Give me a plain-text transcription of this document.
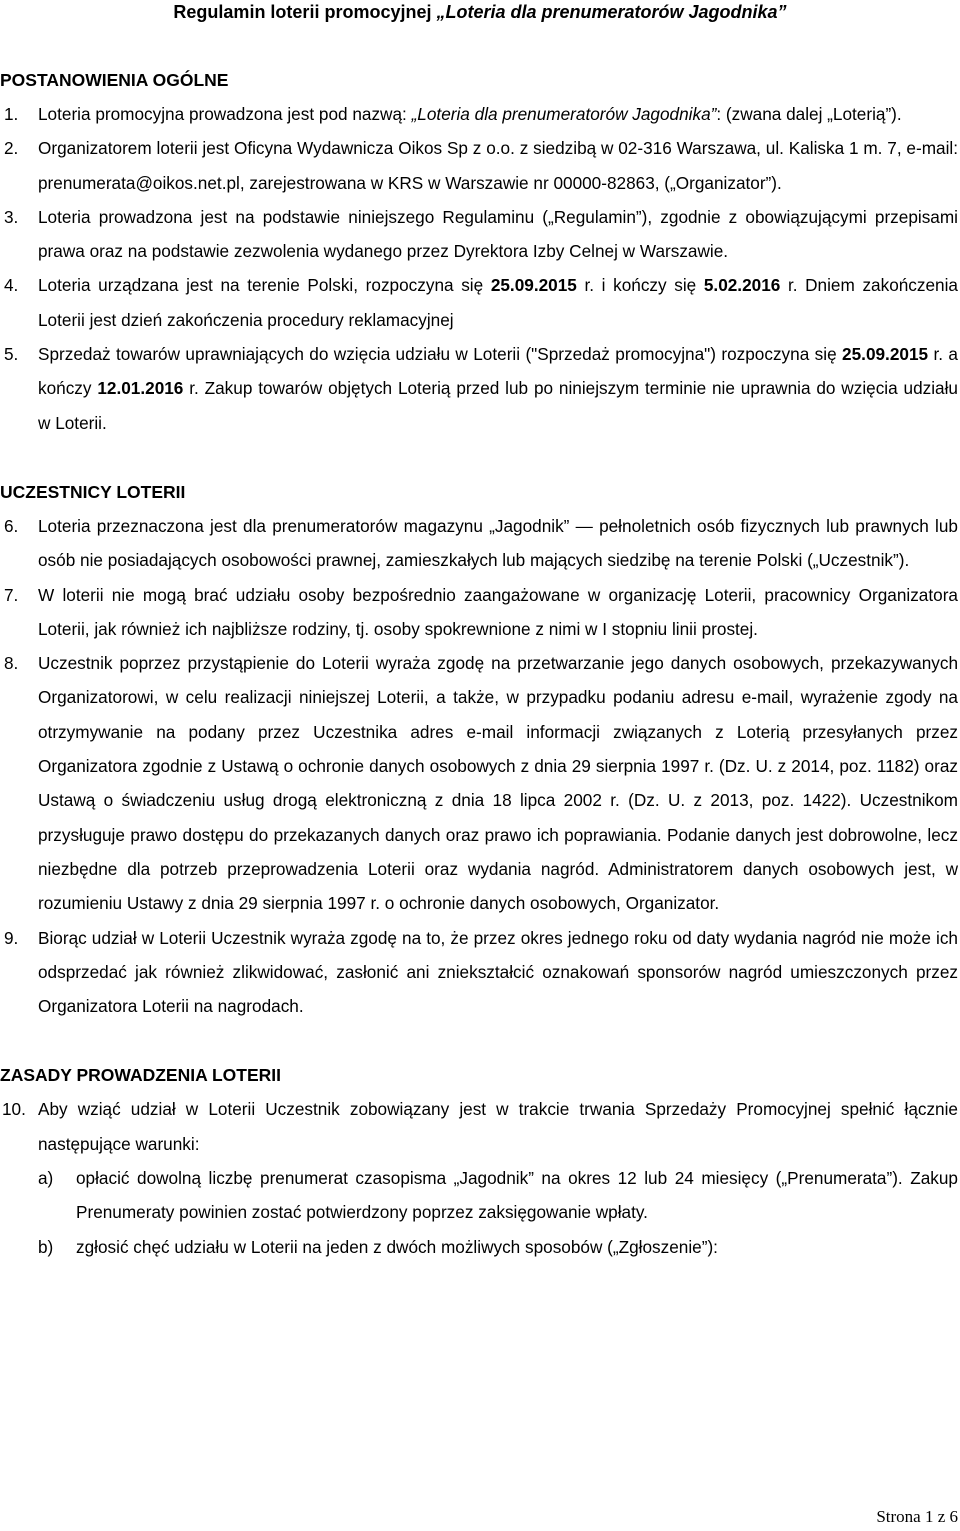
Regulamin loterii promocyjnej „Loteria dla prenumeratorów Jagodnika”
POSTANOWIENIA OGÓLNE
1. Loteria promocyjna prowadzona jest pod nazwą: „Loteria dla prenumeratorów Jagodnika”: (zwana dalej „Loterią”).
2. Organizatorem loterii jest Oficyna Wydawnicza Oikos Sp z o.o. z siedzibą w 02-316 Warszawa, ul. Kaliska 1 m. 7, e-mail: prenumerata@oikos.net.pl, zarejestrowana w KRS w Warszawie nr 00000-82863, („Organizator”).
3. Loteria prowadzona jest na podstawie niniejszego Regulaminu („Regulamin”), zgodnie z obowiązującymi przepisami prawa oraz na podstawie zezwolenia wydanego przez Dyrektora Izby Celnej w Warszawie.
4. Loteria urządzana jest na terenie Polski, rozpoczyna się 25.09.2015 r. i kończy się 5.02.2016 r. Dniem zakończenia Loterii jest dzień zakończenia procedury reklamacyjnej
5. Sprzedaż towarów uprawniających do wzięcia udziału w Loterii ("Sprzedaż promocyjna") rozpoczyna się 25.09.2015 r. a kończy 12.01.2016 r. Zakup towarów objętych Loterią przed lub po niniejszym terminie nie uprawnia do wzięcia udziału w Loterii.
UCZESTNICY LOTERII
6. Loteria przeznaczona jest dla prenumeratorów magazynu „Jagodnik” — pełnoletnich osób fizycznych lub prawnych lub osób nie posiadających osobowości prawnej, zamieszkałych lub mających siedzibę na terenie Polski („Uczestnik”).
7. W loterii nie mogą brać udziału osoby bezpośrednio zaangażowane w organizację Loterii, pracownicy Organizatora Loterii, jak również ich najbliższe rodziny, tj. osoby spokrewnione z nimi w I stopniu linii prostej.
8. Uczestnik poprzez przystąpienie do Loterii wyraża zgodę na przetwarzanie jego danych osobowych, przekazywanych Organizatorowi, w celu realizacji niniejszej Loterii, a także, w przypadku podaniu adresu e-mail, wyrażenie zgody na otrzymywanie na podany przez Uczestnika adres e-mail informacji związanych z Loterią przesyłanych przez Organizatora zgodnie z Ustawą o ochronie danych osobowych z dnia 29 sierpnia 1997 r. (Dz. U. z 2014, poz. 1182) oraz Ustawą o świadczeniu usług drogą elektroniczną z dnia 18 lipca 2002 r. (Dz. U. z 2013, poz. 1422). Uczestnikom przysługuje prawo dostępu do przekazanych danych oraz prawo ich poprawiania. Podanie danych jest dobrowolne, lecz niezbędne dla potrzeb przeprowadzenia Loterii oraz wydania nagród. Administratorem danych osobowych jest, w rozumieniu Ustawy z dnia 29 sierpnia 1997 r. o ochronie danych osobowych, Organizator.
9. Biorąc udział w Loterii Uczestnik wyraża zgodę na to, że przez okres jednego roku od daty wydania nagród nie może ich odsprzedać jak również zlikwidować, zasłonić ani zniekształcić oznakowań sponsorów nagród umieszczonych przez Organizatora Loterii na nagrodach.
ZASADY PROWADZENIA LOTERII
10. Aby wziąć udział w Loterii Uczestnik zobowiązany jest w trakcie trwania Sprzedaży Promocyjnej spełnić łącznie następujące warunki:
a) opłacić dowolną liczbę prenumerat czasopisma „Jagodnik” na okres 12 lub 24 miesięcy („Prenumerata”). Zakup Prenumeraty powinien zostać potwierdzony poprzez zaksięgowanie wpłaty.
b) zgłosić chęć udziału w Loterii na jeden z dwóch możliwych sposobów („Zgłoszenie”):
Strona 1 z 6
